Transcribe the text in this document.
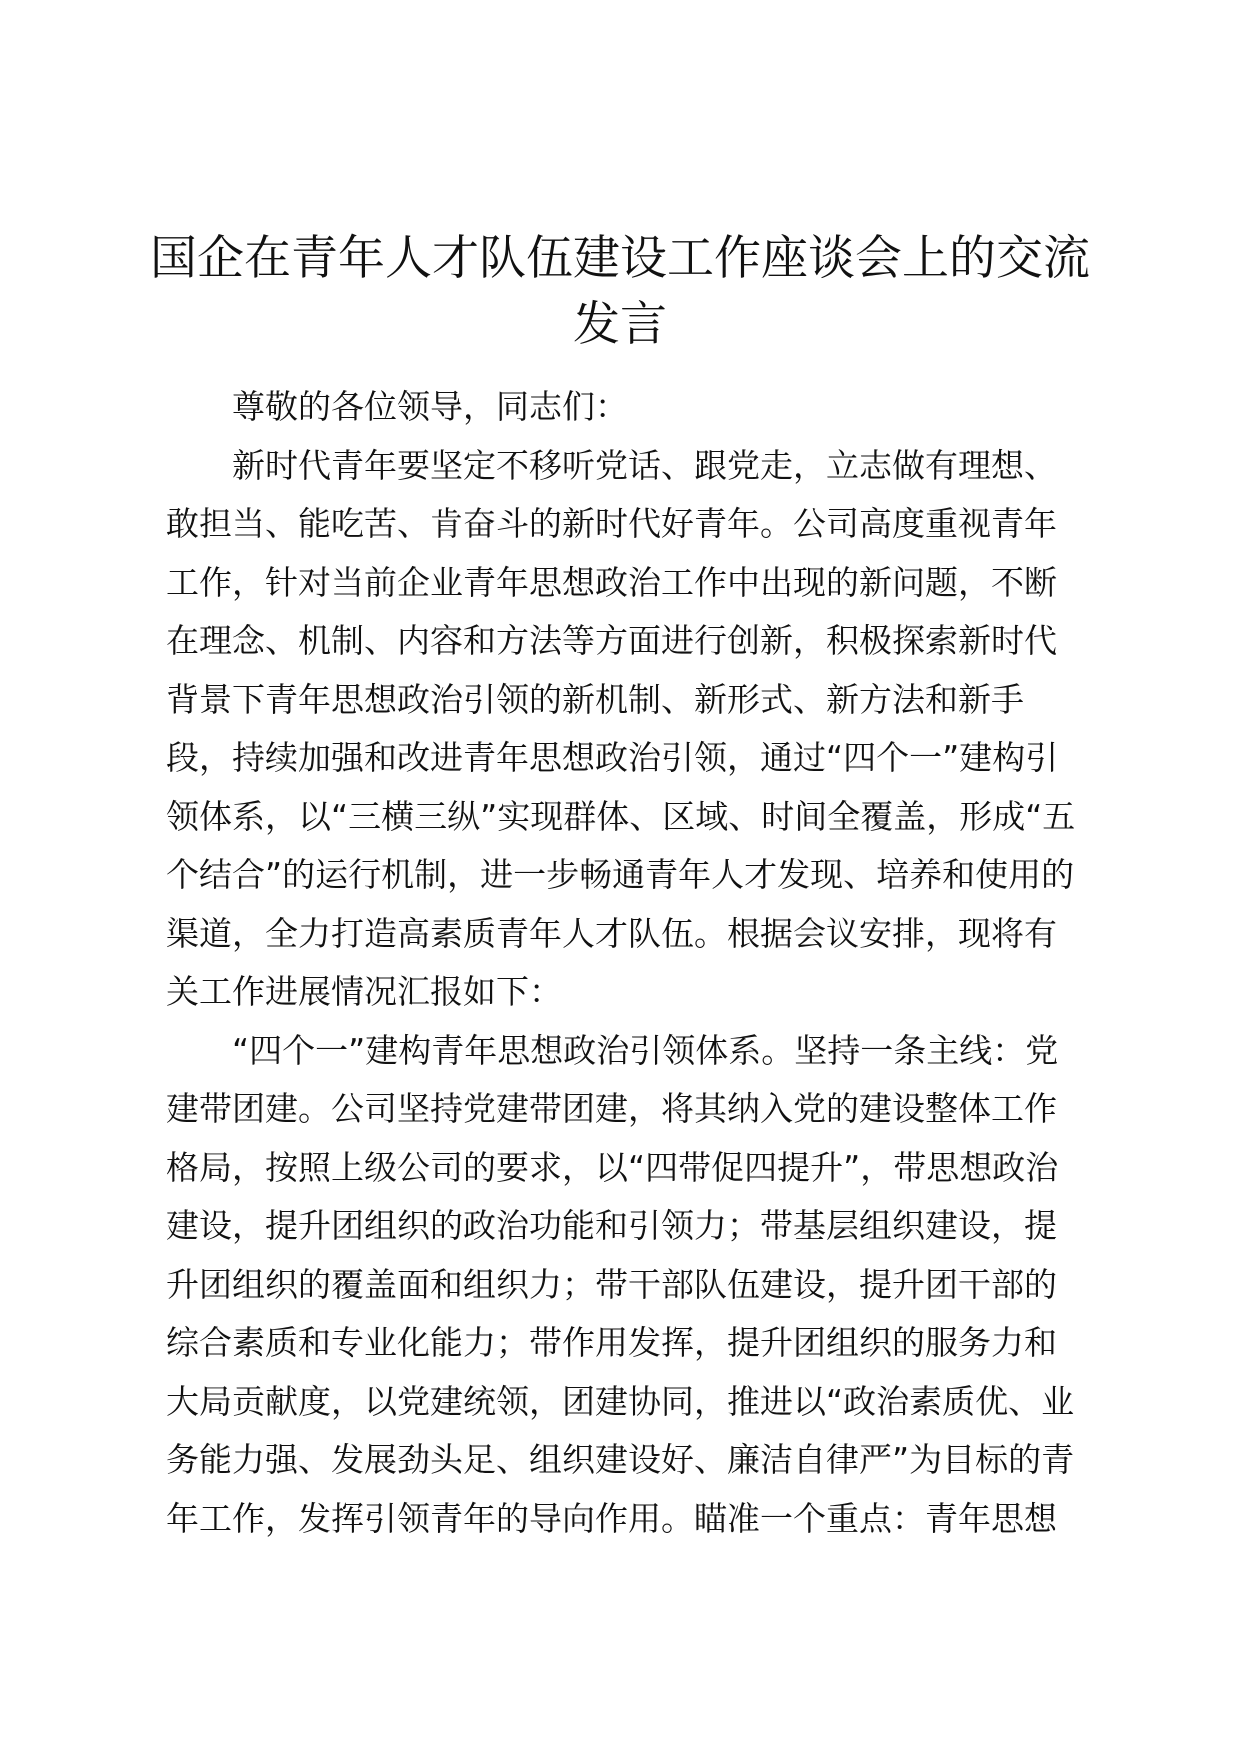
国企在青年人才队伍建设工作座谈会上的交流
发言
尊敬的各位领导，同志们：
新时代青年要坚定不移听党话、跟党走，立志做有理想、
敢担当、能吃苦、肯奋斗的新时代好青年。公司高度重视青年
工作，针对当前企业青年思想政治工作中出现的新问题，不断
在理念、机制、内容和方法等方面进行创新，积极探索新时代
背景下青年思想政治引领的新机制、新形式、新方法和新手
段，持续加强和改进青年思想政治引领，通过“四个一”建构引
领体系，以“三横三纵”实现群体、区域、时间全覆盖，形成“五
个结合”的运行机制，进一步畅通青年人才发现、培养和使用的
渠道，全力打造高素质青年人才队伍。根据会议安排，现将有
关工作进展情况汇报如下：
“四个一”建构青年思想政治引领体系。坚持一条主线：党
建带团建。公司坚持党建带团建，将其纳入党的建设整体工作
格局，按照上级公司的要求，以“四带促四提升”，带思想政治
建设，提升团组织的政治功能和引领力；带基层组织建设，提
升团组织的覆盖面和组织力；带干部队伍建设，提升团干部的
综合素质和专业化能力；带作用发挥，提升团组织的服务力和
大局贡献度，以党建统领，团建协同，推进以“政治素质优、业
务能力强、发展劲头足、组织建设好、廉洁自律严”为目标的青
年工作，发挥引领青年的导向作用。瞄准一个重点：青年思想
